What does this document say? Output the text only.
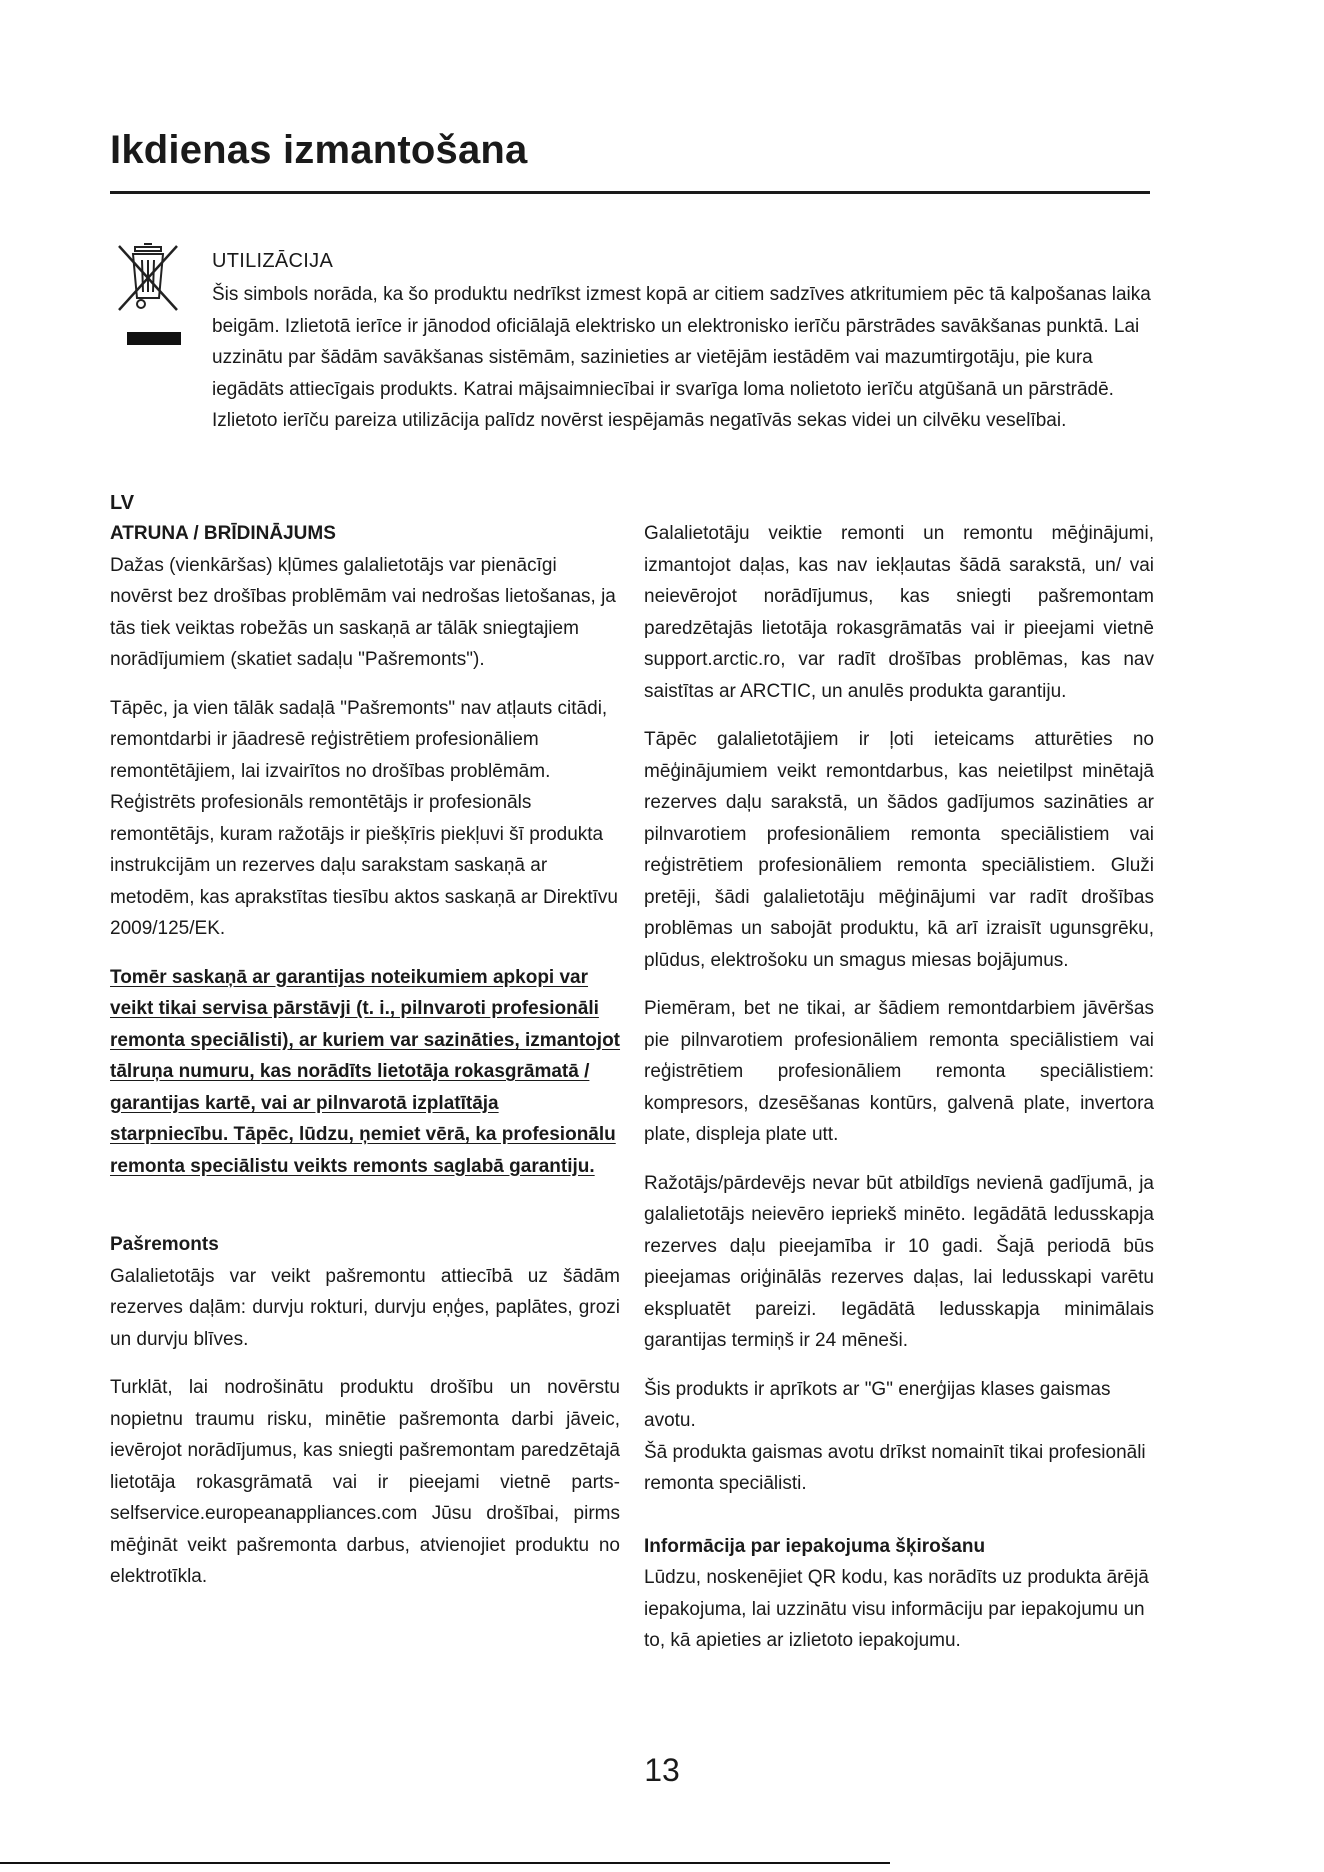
Ikdienas izmantošana
UTILIZĀCIJA

Šis simbols norāda, ka šo produktu nedrīkst izmest kopā ar citiem sadzīves atkritumiem pēc tā kalpošanas laika beigām. Izlietotā ierīce ir jānodod oficiālajā elektrisko un elektronisko ierīču pārstrādes savākšanas punktā. Lai uzzinātu par šādām savākšanas sistēmām, sazinieties ar vietējām iestādēm vai mazumtirgotāju, pie kura iegādāts attiecīgais produkts. Katrai mājsaimniecībai ir svarīga loma nolietoto ierīču atgūšanā un pārstrādē. Izlietoto ierīču pareiza utilizācija palīdz novērst iespējamās negatīvās sekas videi un cilvēku veselībai.

LV

ATRUNA / BRĪDINĀJUMS

Dažas (vienkāršas) kļūmes galalietotājs var pienācīgi novērst bez drošības problēmām vai nedrošas lietošanas, ja tās tiek veiktas robežās un saskaņā ar tālāk sniegtajiem norādījumiem (skatiet sadaļu "Pašremonts").

Tāpēc, ja vien tālāk sadaļā "Pašremonts" nav atļauts citādi, remontdarbi ir jāadresē reģistrētiem profesionāliem remontētājiem, lai izvairītos no drošības problēmām. Reģistrēts profesionāls remontētājs ir profesionāls remontētājs, kuram ražotājs ir piešķīris piekļuvi šī produkta instrukcijām un rezerves daļu sarakstam saskaņā ar metodēm, kas aprakstītas tiesību aktos saskaņā ar Direktīvu 2009/125/EK.

Tomēr saskaņā ar garantijas noteikumiem apkopi var veikt tikai servisa pārstāvji (t. i., pilnvaroti profesionāli remonta speciālisti), ar kuriem var sazināties, izmantojot tālruņa numuru, kas norādīts lietotāja rokasgrāmatā / garantijas kartē, vai ar pilnvarotā izplatītāja starpniecību. Tāpēc, lūdzu, ņemiet vērā, ka profesionālu remonta speciālistu veikts remonts saglabā garantiju.

Pašremonts

Galalietotājs var veikt pašremontu attiecībā uz šādām rezerves daļām: durvju rokturi, durvju eņģes, paplātes, grozi un durvju blīves.

Turklāt, lai nodrošinātu produktu drošību un novērstu nopietnu traumu risku, minētie pašremonta darbi jāveic, ievērojot norādījumus, kas sniegti pašremontam paredzētajā lietotāja rokasgrāmatā vai ir pieejami vietnē parts-selfservice.europeanappliances.com Jūsu drošībai, pirms mēģināt veikt pašremonta darbus, atvienojiet produktu no elektrotīkla.

Galalietotāju veiktie remonti un remontu mēģinājumi, izmantojot daļas, kas nav iekļautas šādā sarakstā, un/ vai neievērojot norādījumus, kas sniegti pašremontam paredzētajās lietotāja rokasgrāmatās vai ir pieejami vietnē support.arctic.ro, var radīt drošības problēmas, kas nav saistītas ar ARCTIC, un anulēs produkta garantiju.

Tāpēc galalietotājiem ir ļoti ieteicams atturēties no mēģinājumiem veikt remontdarbus, kas neietilpst minētajā rezerves daļu sarakstā, un šādos gadījumos sazināties ar pilnvarotiem profesionāliem remonta speciālistiem vai reģistrētiem profesionāliem remonta speciālistiem. Gluži pretēji, šādi galalietotāju mēģinājumi var radīt drošības problēmas un sabojāt produktu, kā arī izraisīt ugunsgrēku, plūdus, elektrošoku un smagus miesas bojājumus.

Piemēram, bet ne tikai, ar šādiem remontdarbiem jāvēršas pie pilnvarotiem profesionāliem remonta speciālistiem vai reģistrētiem profesionāliem remonta speciālistiem: kompresors, dzesēšanas kontūrs, galvenā plate, invertora plate, displeja plate utt.

Ražotājs/pārdevējs nevar būt atbildīgs nevienā gadījumā, ja galalietotājs neievēro iepriekš minēto. Iegādātā ledusskapja rezerves daļu pieejamība ir 10 gadi. Šajā periodā būs pieejamas oriģinālās rezerves daļas, lai ledusskapi varētu ekspluatēt pareizi. Iegādātā ledusskapja minimālais garantijas termiņš ir 24 mēneši.

Šis produkts ir aprīkots ar "G" enerģijas klases gaismas avotu.

Šā produkta gaismas avotu drīkst nomainīt tikai profesionāli remonta speciālisti.

Informācija par iepakojuma šķirošanu

Lūdzu, noskenējiet QR kodu, kas norādīts uz produkta ārējā iepakojuma, lai uzzinātu visu informāciju par iepakojumu un to, kā apieties ar izlietoto iepakojumu.

13
